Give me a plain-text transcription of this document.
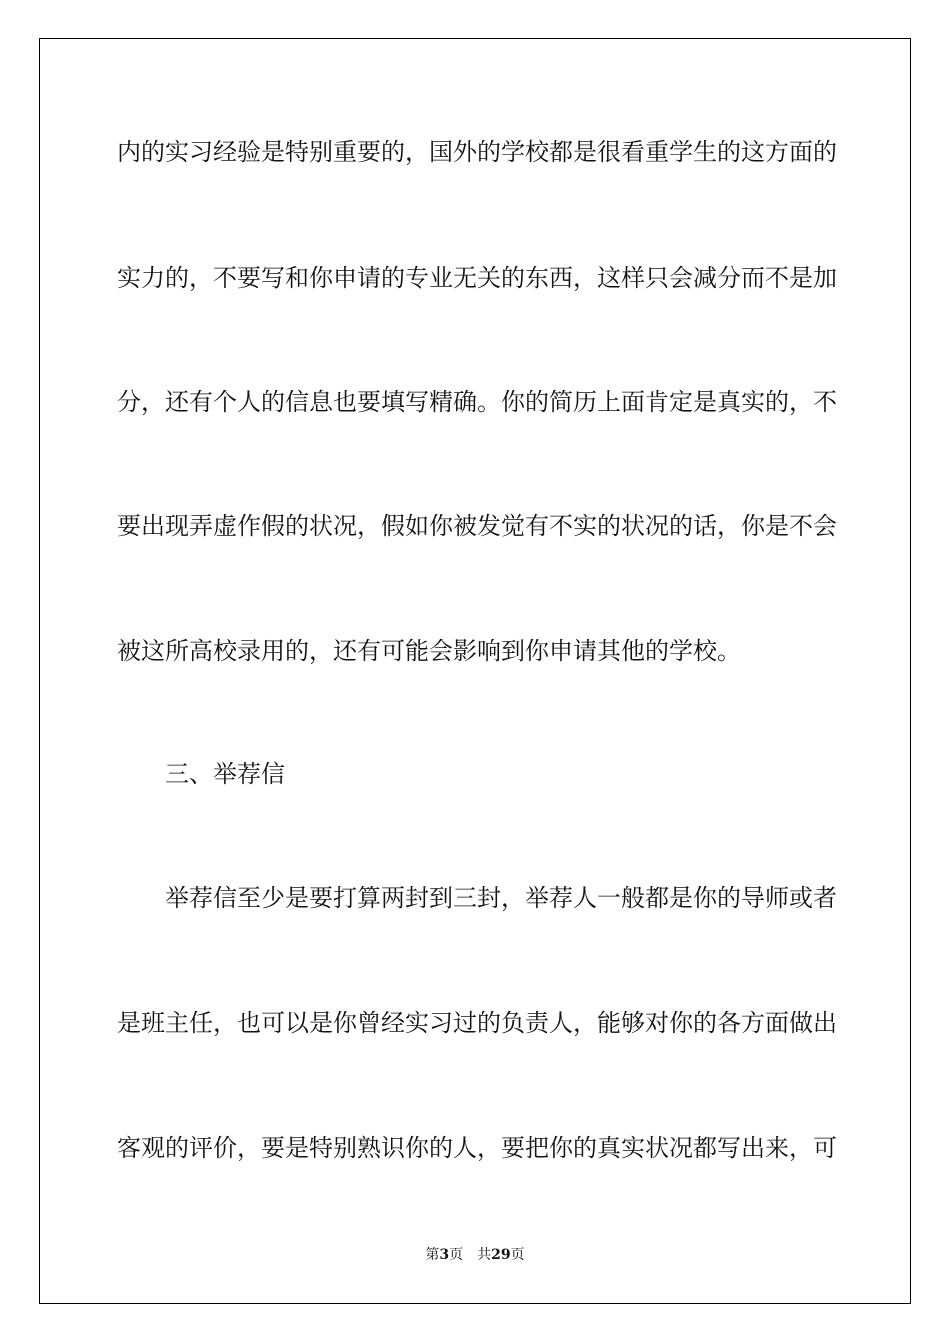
内的实习经验是特别重要的，国外的学校都是很看重学生的这方面的
实力的，不要写和你申请的专业无关的东西，这样只会减分而不是加
分，还有个人的信息也要填写精确。你的简历上面肯定是真实的，不
要出现弄虚作假的状况，假如你被发觉有不实的状况的话，你是不会
被这所高校录用的，还有可能会影响到你申请其他的学校。
三、举荐信
举荐信至少是要打算两封到三封，举荐人一般都是你的导师或者
是班主任，也可以是你曾经实习过的负责人，能够对你的各方面做出
客观的评价，要是特别熟识你的人，要把你的真实状况都写出来，可
第3页 共29页
